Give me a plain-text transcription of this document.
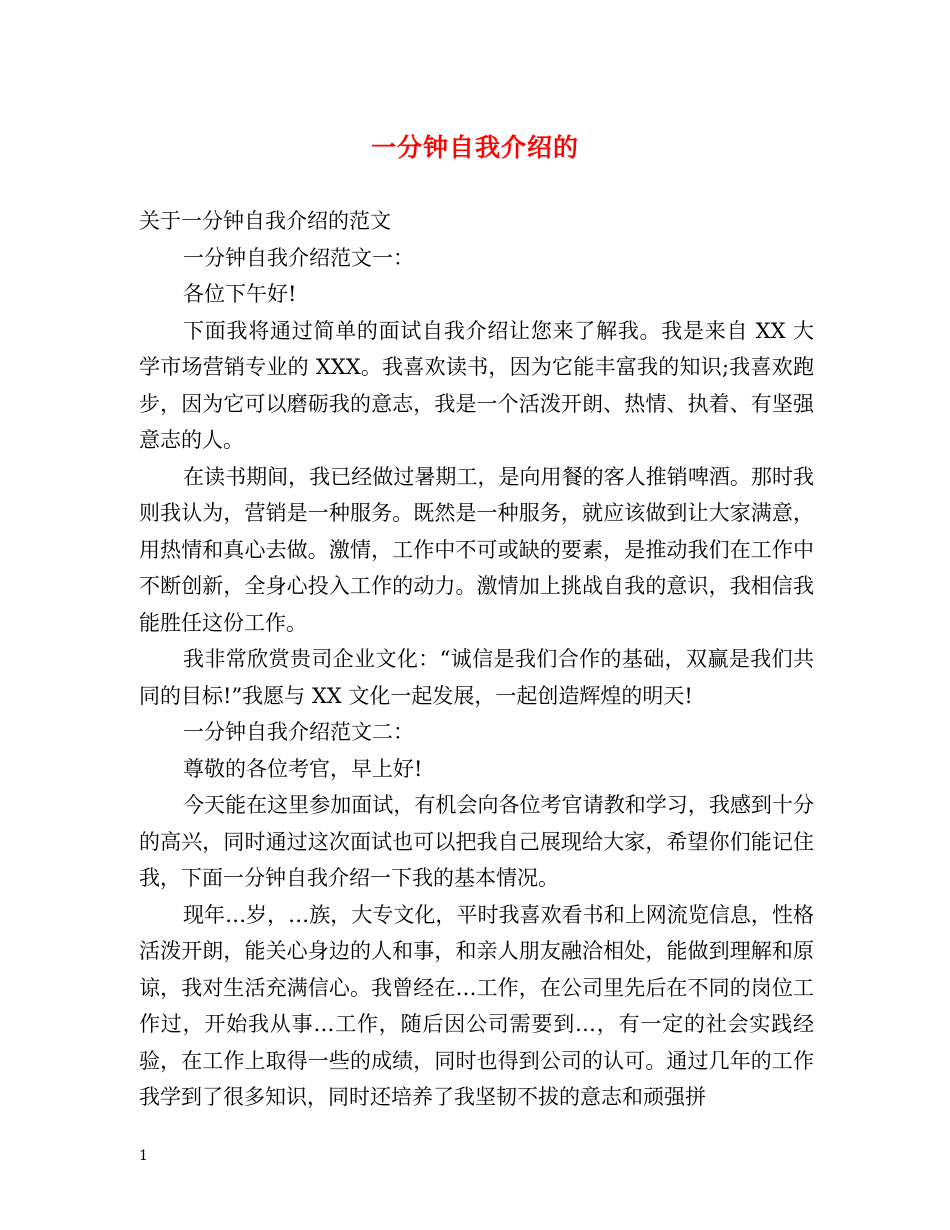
一分钟自我介绍的

关于一分钟自我介绍的范文

一分钟自我介绍范文一：

各位下午好!

下面我将通过简单的面试自我介绍让您来了解我。我是来自 XX 大学市场营销专业的 XXX。我喜欢读书，因为它能丰富我的知识;我喜欢跑步，因为它可以磨砺我的意志，我是一个活泼开朗、热情、执着、有坚强意志的人。

在读书期间，我已经做过暑期工，是向用餐的客人推销啤酒。那时我则我认为，营销是一种服务。既然是一种服务，就应该做到让大家满意，用热情和真心去做。激情，工作中不可或缺的要素，是推动我们在工作中不断创新，全身心投入工作的动力。激情加上挑战自我的意识，我相信我能胜任这份工作。

我非常欣赏贵司企业文化：“诚信是我们合作的基础，双赢是我们共同的目标!”我愿与 XX 文化一起发展，一起创造辉煌的明天!

一分钟自我介绍范文二：

尊敬的各位考官，早上好!

今天能在这里参加面试，有机会向各位考官请教和学习，我感到十分的高兴，同时通过这次面试也可以把我自己展现给大家，希望你们能记住我，下面一分钟自我介绍一下我的基本情况。

现年…岁，…族，大专文化，平时我喜欢看书和上网流览信息，性格活泼开朗，能关心身边的人和事，和亲人朋友融洽相处，能做到理解和原谅，我对生活充满信心。我曾经在…工作，在公司里先后在不同的岗位工作过，开始我从事…工作，随后因公司需要到…，有一定的社会实践经验，在工作上取得一些的成绩，同时也得到公司的认可。通过几年的工作我学到了很多知识，同时还培养了我坚韧不拔的意志和顽强拼

1
